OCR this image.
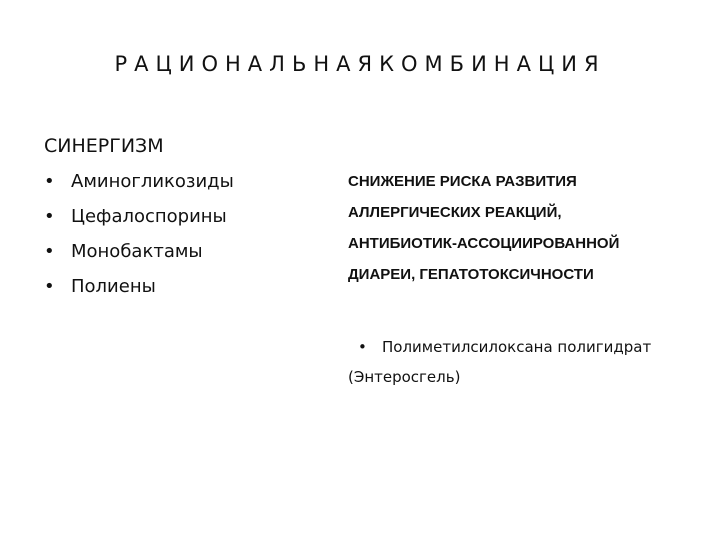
РАЦИОНАЛЬНАЯКОМБИНАЦИЯ
СИНЕРГИЗМ
• Аминогликозиды
• Цефалоспорины
• Монобактамы
• Полиены

СНИЖЕНИЕ РИСКА РАЗВИТИЯ
АЛЛЕРГИЧЕСКИХ РЕАКЦИЙ,
АНТИБИОТИК-АССОЦИИРОВАННОЙ
ДИАРЕИ, ГЕПАТОТОКСИЧНОСТИ

• Полиметилсилоксана полигидрат
(Энтеросгель)
